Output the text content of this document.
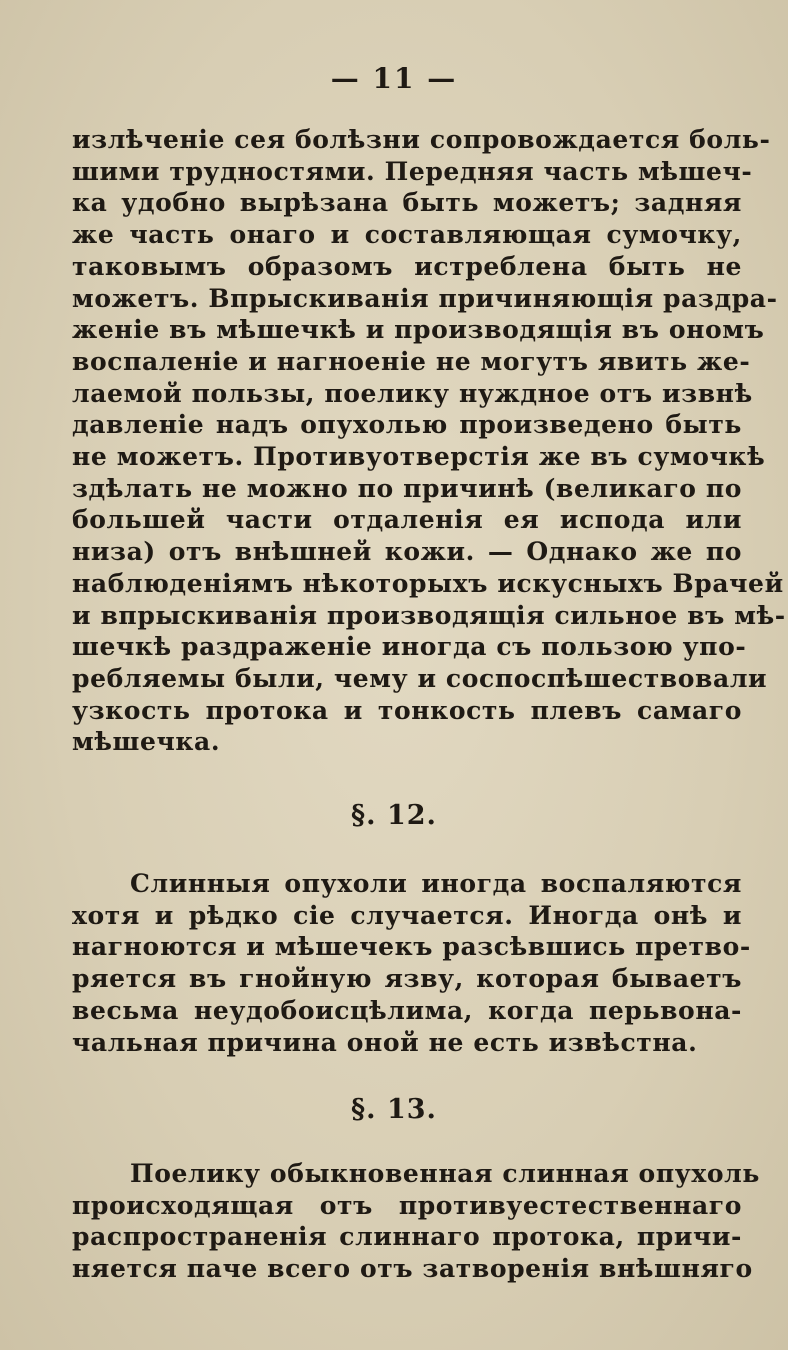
— 11 —
излѣченіе сея болѣзни сопровождается боль-
шими трудностями. Передняя часть мѣшеч-
ка удобно вырѣзана быть можетъ; задняя
же часть онаго и составляющая сумочку,
таковымъ образомъ истреблена быть не
можетъ. Впрыскиванія причиняющія раздра-
женіе въ мѣшечкѣ и производящія въ ономъ
воспаленіе и нагноеніе не могутъ явить же-
лаемой пользы, поелику нуждное отъ извнѣ
давленіе надъ опухолью произведено быть
не можетъ. Противуотверстія же въ сумочкѣ
здѣлать не можно по причинѣ (великаго по
большей части отдаленія ея испода или
низа) отъ внѣшней кожи. — Однако же по
наблюденіямъ нѣкоторыхъ искусныхъ Врачей
и впрыскиванія производящія сильное въ мѣ-
шечкѣ раздраженіе иногда съ пользою упо-
ребляемы были, чему и соспоспѣшествовали
узкость протока и тонкость плевъ самаго
мѣшечка.
§. 12.
Слинныя опухоли иногда воспаляются
хотя и рѣдко сіе случается. Иногда онѣ и
нагноются и мѣшечекъ разсѣвшись претво-
ряется въ гнойную язву, которая бываетъ
весьма неудобоисцѣлима, когда перьвона-
чальная причина оной не есть извѣстна.
§. 13.
Поелику обыкновенная слинная опухоль
происходящая отъ противуестественнаго
распространенія слиннаго протока, причи-
няется паче всего отъ затворенія внѣшняго
